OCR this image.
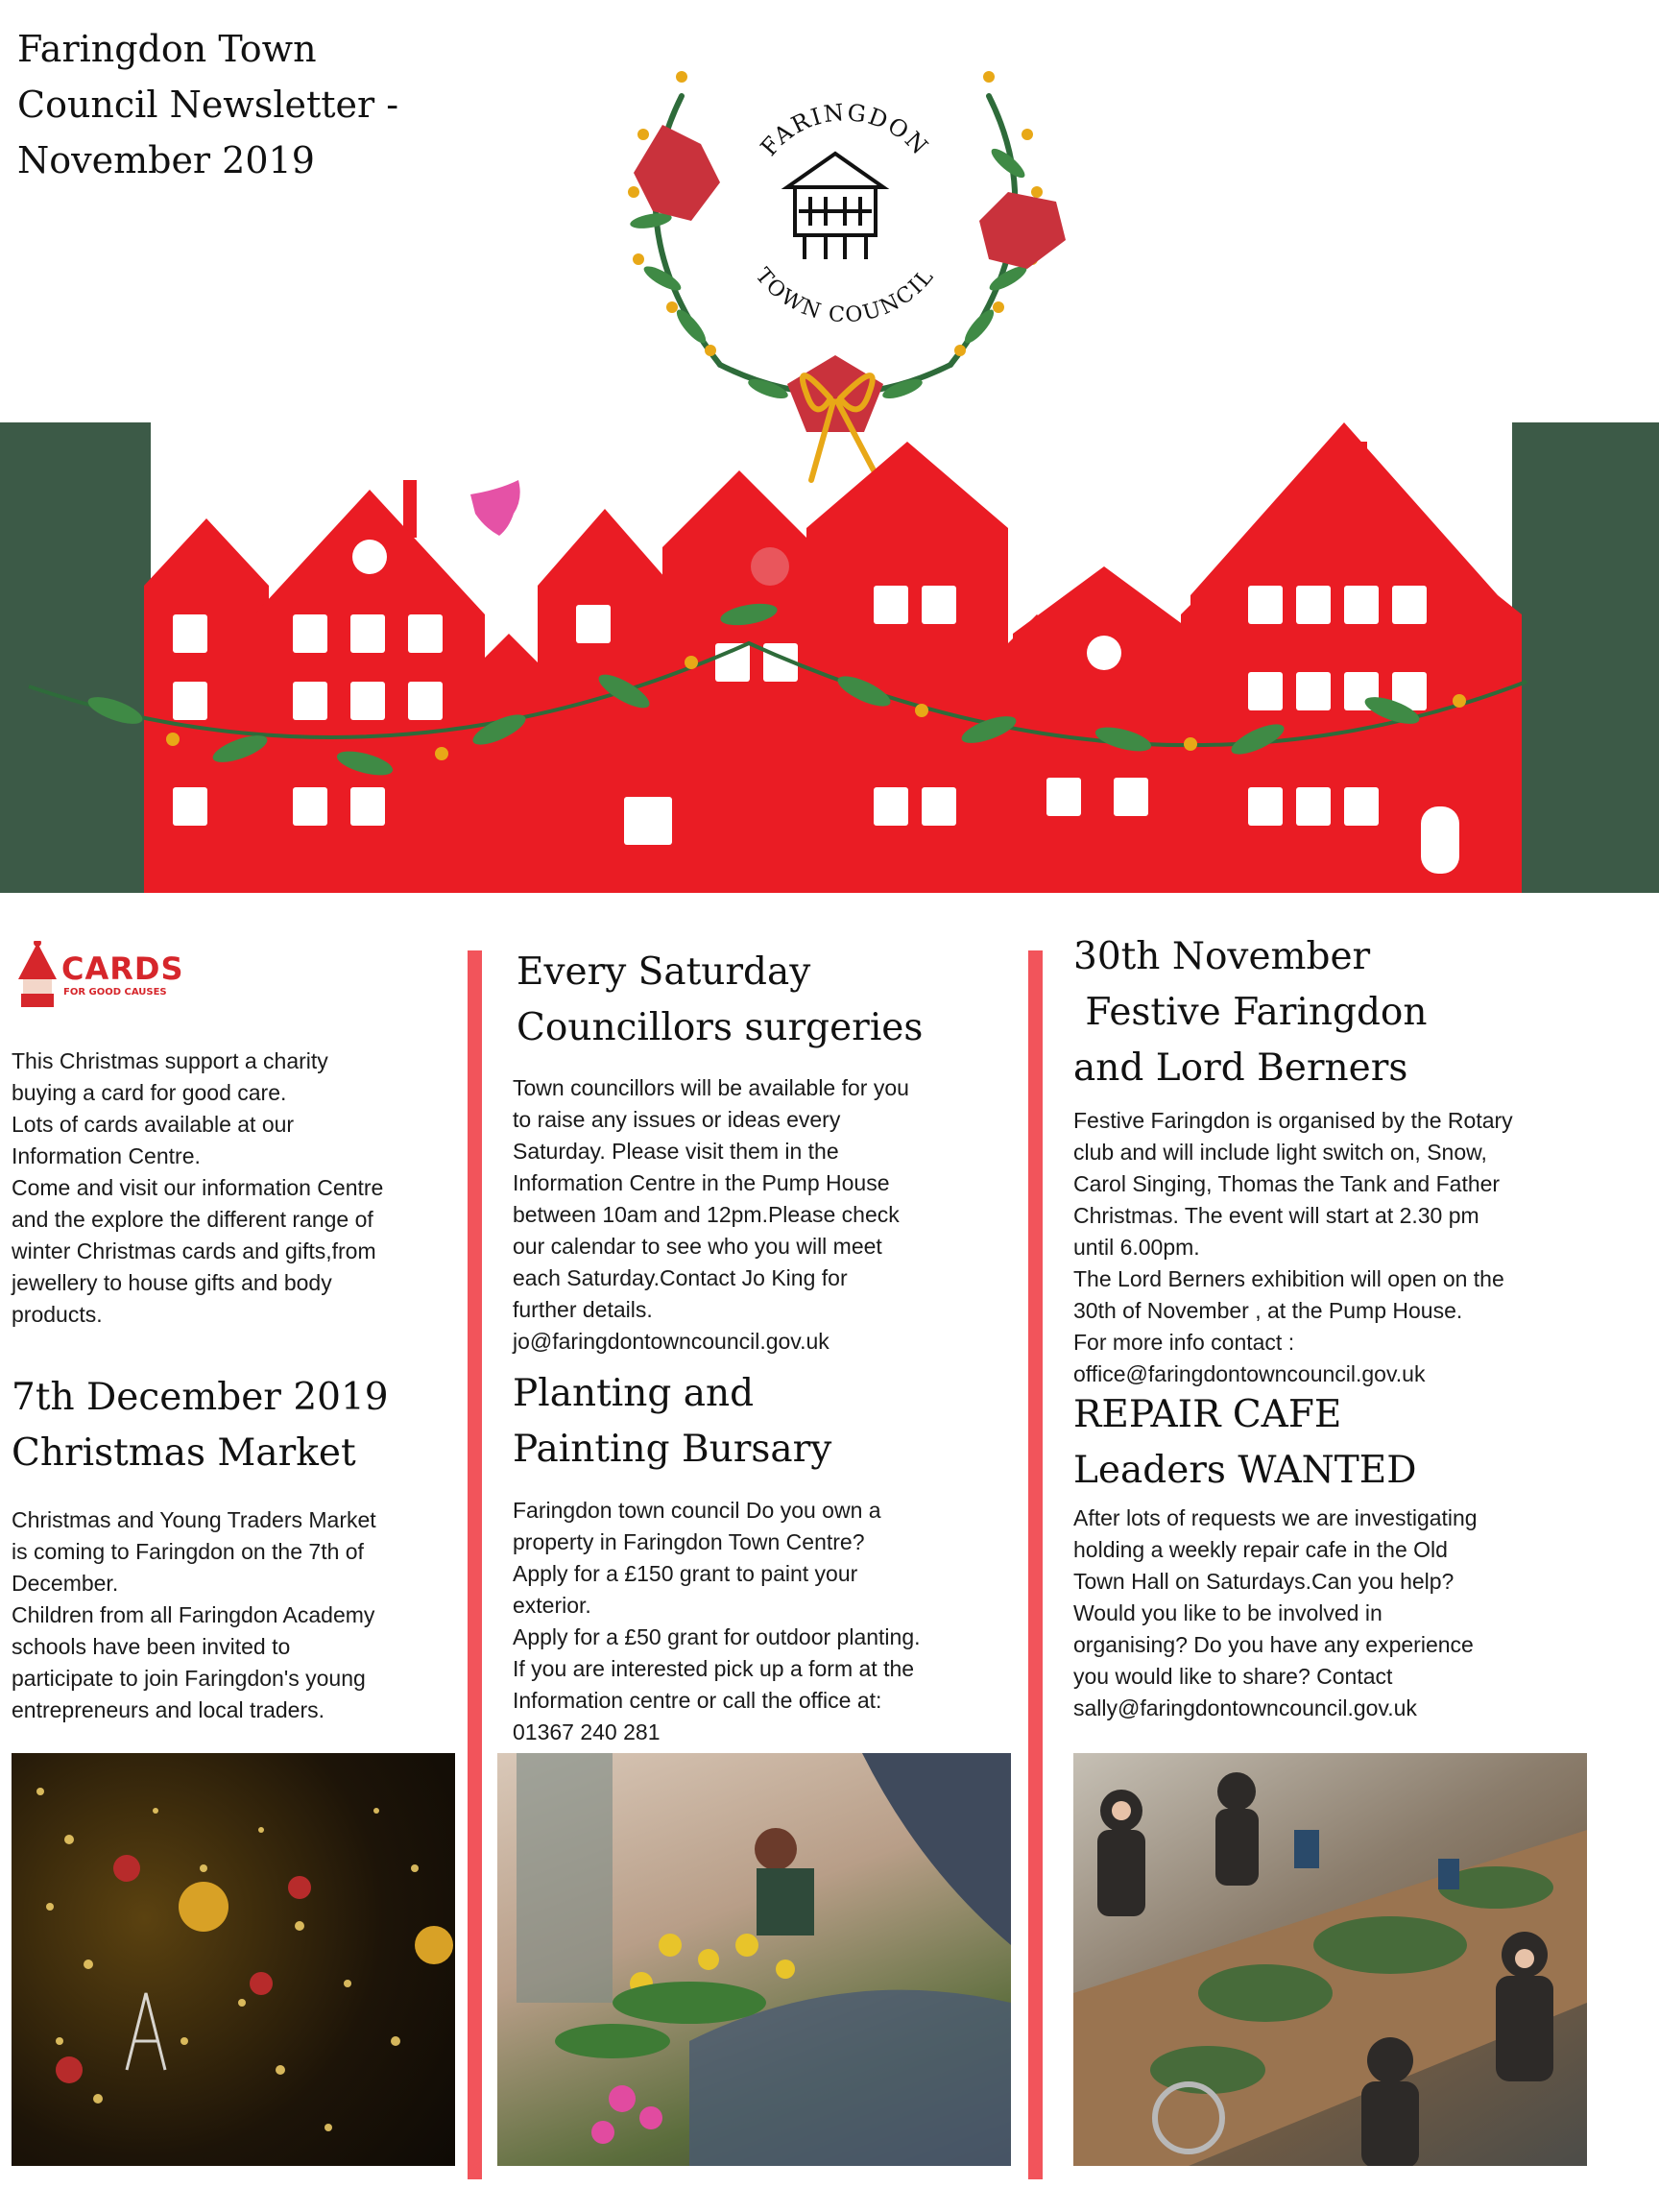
Faringdon Town
Council Newsletter -
November 2019	FARINGDON
TOWN COUNCIL
CARDS
FOR GOOD CAUSES
This Christmas support a charity
buying a card for good care.
Lots of cards available at our
Information Centre.
Come and visit our information Centre
and the explore the different range of
winter Christmas cards and gifts,from
jewellery to house gifts and body
products.
7th December 2019
Christmas Market
Christmas and Young Traders Market
is coming to Faringdon on the 7th of
December.
Children from all Faringdon Academy
schools have been invited to
participate to join Faringdon's young
entrepreneurs and local traders.
Every Saturday
Councillors surgeries
Town councillors will be available for you
to raise any issues or ideas every
Saturday. Please visit them in the
Information Centre in the Pump House
between 10am and 12pm.Please check
our calendar to see who you will meet
each Saturday.Contact Jo King for
further details.
jo@faringdontowncouncil.gov.uk
Planting and
Painting Bursary
Faringdon town council Do you own a
property in Faringdon Town Centre?
Apply for a £150 grant to paint your
exterior.
Apply for a £50 grant for outdoor planting.
If you are interested pick up a form at the
Information centre or call the office at:
01367 240 281
30th November
Festive Faringdon
and Lord Berners
Festive Faringdon is organised by the Rotary
club and will include light switch on, Snow,
Carol Singing, Thomas the Tank and Father
Christmas. The event will start at 2.30 pm
until 6.00pm.
The Lord Berners exhibition will open on the
30th of November , at the Pump House.
For more info contact :
office@faringdontowncouncil.gov.uk
REPAIR CAFE
Leaders WANTED
After lots of requests we are investigating
holding a weekly repair cafe in the Old
Town Hall on Saturdays.Can you help?
Would you like to be involved in
organising? Do you have any experience
you would like to share? Contact
sally@faringdontowncouncil.gov.uk
